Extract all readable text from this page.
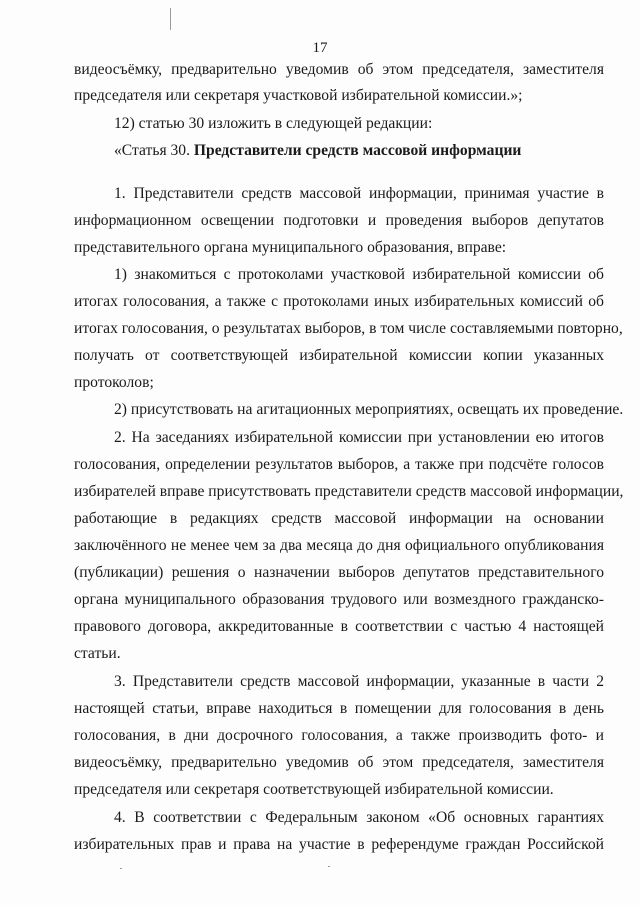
17
видеосъёмку, предварительно уведомив об этом председателя, заместителя
председателя или секретаря участковой избирательной комиссии.»;
12) статью 30 изложить в следующей редакции:
«Статья 30. Представители средств массовой информации
1. Представители средств массовой информации, принимая участие в
информационном освещении подготовки и проведения выборов депутатов
представительного органа муниципального образования, вправе:
1) знакомиться с протоколами участковой избирательной комиссии об
итогах голосования, а также с протоколами иных избирательных комиссий об
итогах голосования, о результатах выборов, в том числе составляемыми повторно,
получать от соответствующей избирательной комиссии копии указанных
протоколов;
2) присутствовать на агитационных мероприятиях, освещать их проведение.
2. На заседаниях избирательной комиссии при установлении ею итогов
голосования, определении результатов выборов, а также при подсчёте голосов
избирателей вправе присутствовать представители средств массовой информации,
работающие в редакциях средств массовой информации на основании
заключённого не менее чем за два месяца до дня официального опубликования
(публикации) решения о назначении выборов депутатов представительного
органа муниципального образования трудового или возмездного гражданско-
правового договора, аккредитованные в соответствии с частью 4 настоящей
статьи.
3. Представители средств массовой информации, указанные в части 2
настоящей статьи, вправе находиться в помещении для голосования в день
голосования, в дни досрочного голосования, а также производить фото- и
видеосъёмку, предварительно уведомив об этом председателя, заместителя
председателя или секретаря соответствующей избирательной комиссии.
4. В соответствии с Федеральным законом «Об основных гарантиях
избирательных прав и права на участие в референдуме граждан Российской
